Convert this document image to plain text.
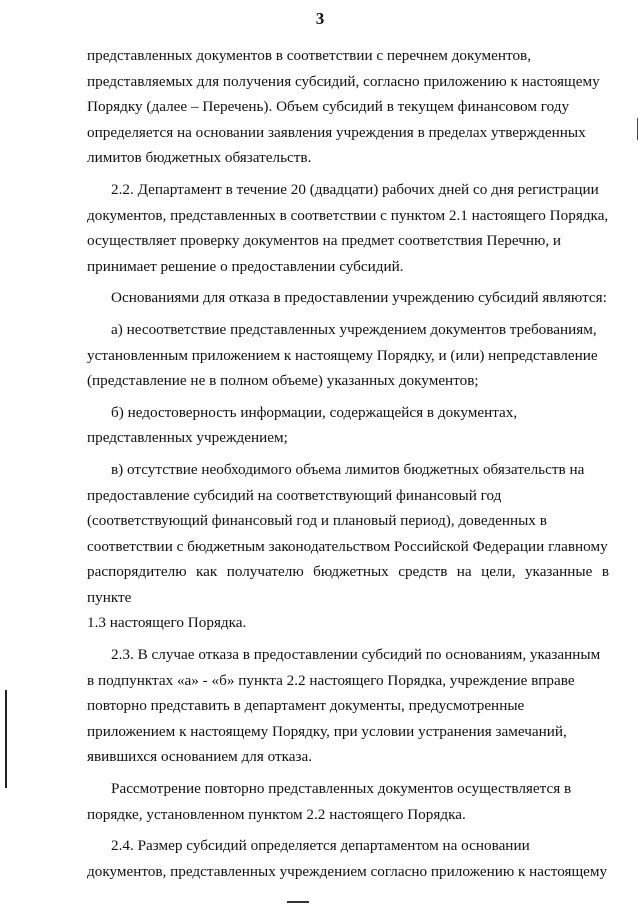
3

представленных документов в соответствии с перечнем документов,
представляемых для получения субсидий, согласно приложению к настоящему
Порядку (далее – Перечень). Объем субсидий в текущем финансовом году
определяется на основании заявления учреждения в пределах утвержденных
лимитов бюджетных обязательств.

2.2. Департамент в течение 20 (двадцати) рабочих дней со дня регистрации
документов, представленных в соответствии с пунктом 2.1 настоящего Порядка,
осуществляет проверку документов на предмет соответствия Перечню, и
принимает решение о предоставлении субсидий.

Основаниями для отказа в предоставлении учреждению субсидий являются:

а) несоответствие представленных учреждением документов требованиям,
установленным приложением к настоящему Порядку, и (или) непредставление
(представление не в полном объеме) указанных документов;

б) недостоверность информации, содержащейся в документах,
представленных учреждением;

в) отсутствие необходимого объема лимитов бюджетных обязательств на
предоставление субсидий на соответствующий финансовый год
(соответствующий финансовый год и плановый период), доведенных в
соответствии с бюджетным законодательством Российской Федерации главному
распорядителю как получателю бюджетных средств на цели, указанные в пункте
1.3 настоящего Порядка.

2.3. В случае отказа в предоставлении субсидий по основаниям, указанным
в подпунктах «а» - «б» пункта 2.2 настоящего Порядка, учреждение вправе
повторно представить в департамент документы, предусмотренные
приложением к настоящему Порядку, при условии устранения замечаний,
явившихся основанием для отказа.

Рассмотрение повторно представленных документов осуществляется в
порядке, установленном пунктом 2.2 настоящего Порядка.

2.4. Размер субсидий определяется департаментом на основании
документов, представленных учреждением согласно приложению к настоящему
